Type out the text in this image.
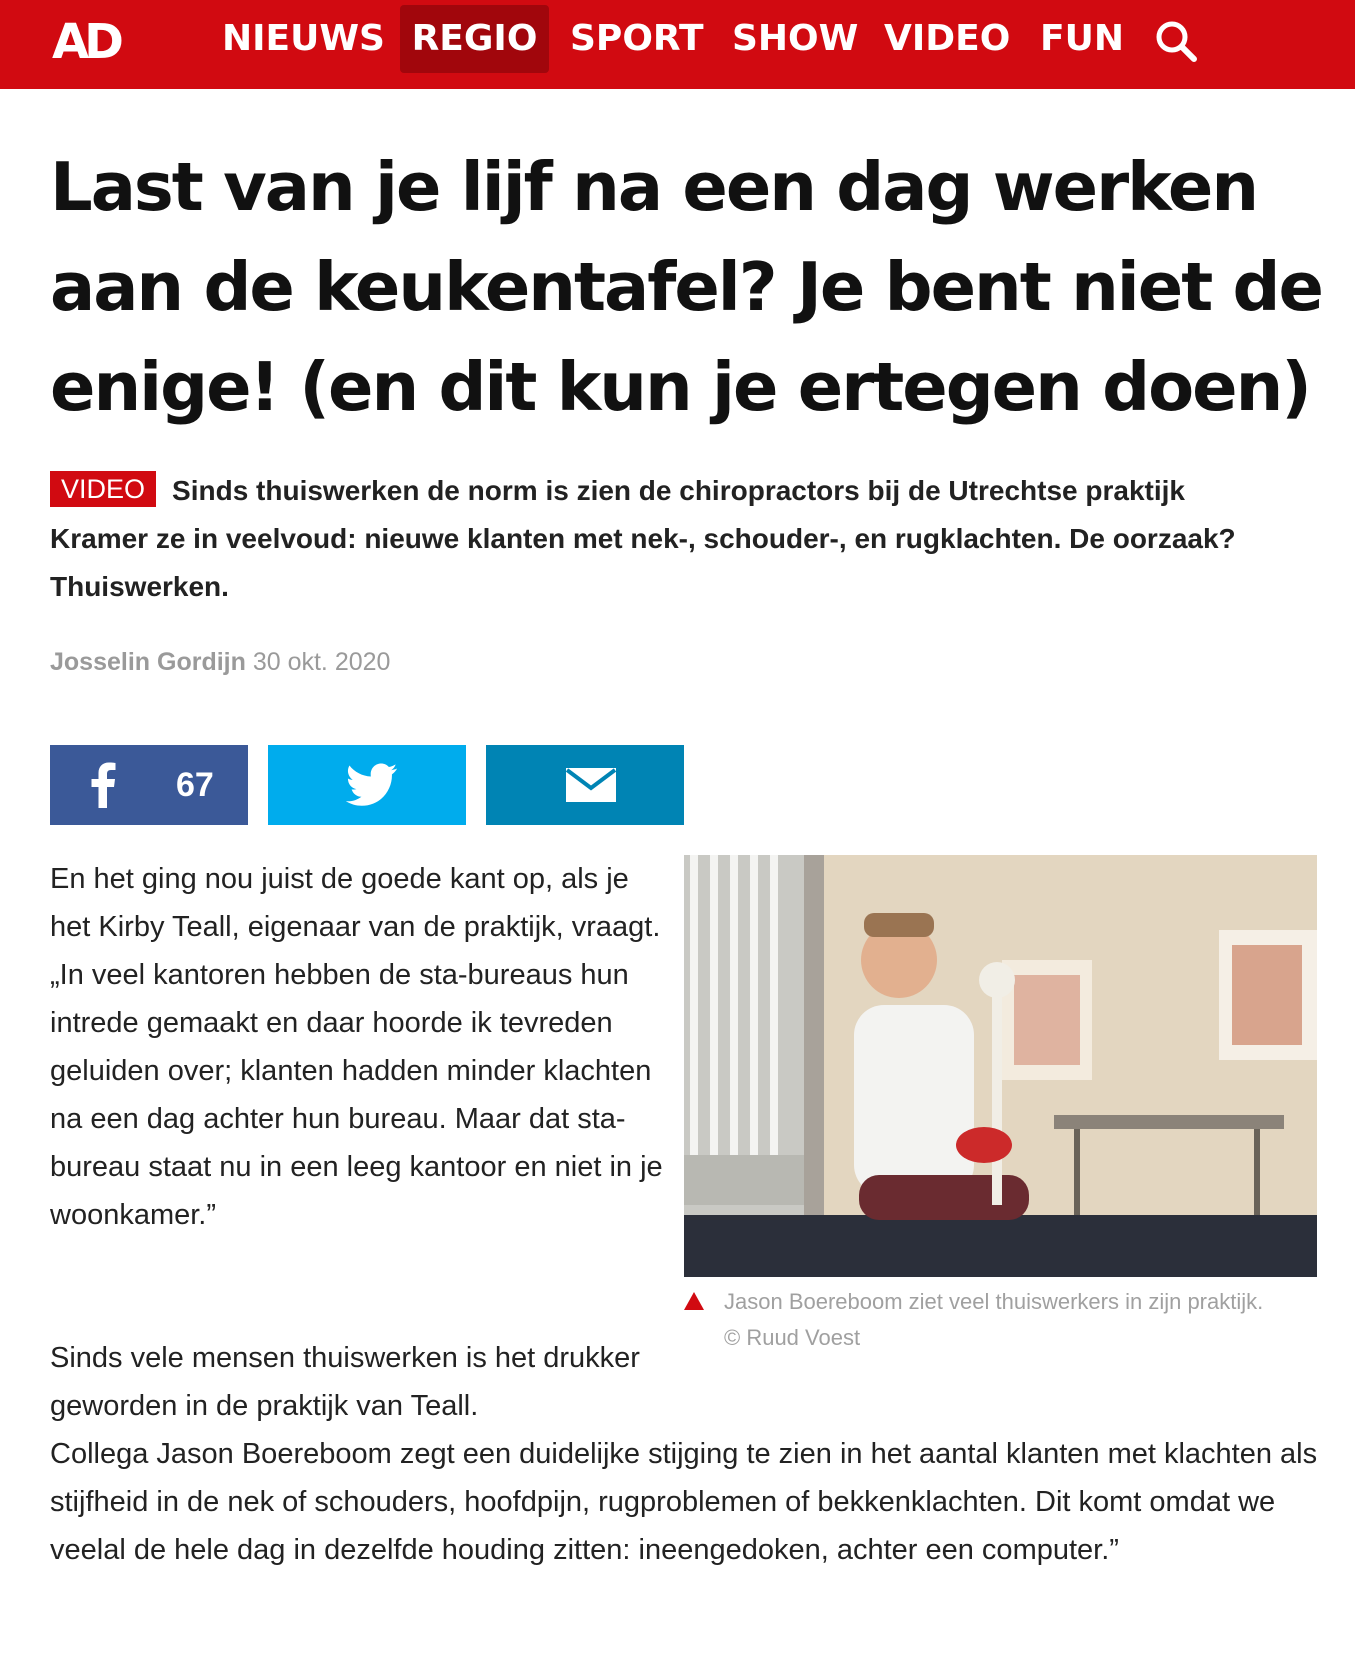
AD	NIEUWS REGIO SPORT SHOW VIDEO FUN
Last van je lijf na een dag werken aan de keukentafel? Je bent niet de enige! (en dit kun je ertegen doen)

VIDEO Sinds thuiswerken de norm is zien de chiropractors bij de Utrechtse praktijk Kramer ze in veelvoud: nieuwe klanten met nek-, schouder-, en rugklachten. De oorzaak? Thuiswerken.

Josselin Gordijn 30 okt. 2020
67

En het ging nou juist de goede kant op, als je het Kirby Teall, eigenaar van de praktijk, vraagt. „In veel kantoren hebben de sta-bureaus hun intrede gemaakt en daar hoorde ik tevreden geluiden over; klanten hadden minder klachten na een dag achter hun bureau. Maar dat sta-bureau staat nu in een leeg kantoor en niet in je woonkamer.”

Jason Boereboom ziet veel thuiswerkers in zijn praktijk.
© Ruud Voest

Sinds vele mensen thuiswerken is het drukker geworden in de praktijk van Teall.

Collega Jason Boereboom zegt een duidelijke stijging te zien in het aantal klanten met klachten als stijfheid in de nek of schouders, hoofdpijn, rugproblemen of bekkenklachten. Dit komt omdat we veelal de hele dag in dezelfde houding zitten: ineengedoken, achter een computer.”
